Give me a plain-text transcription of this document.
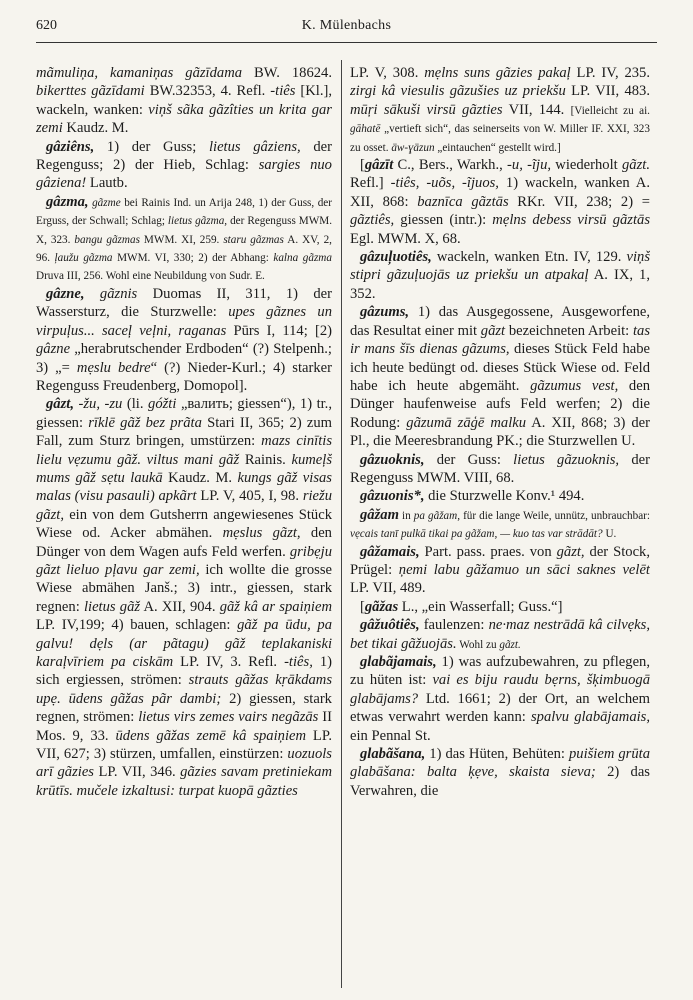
620	K. Mülenbachs

mãmuliņa, kamaniņas gãzīdama BW. 18624. bikerttes gãzīdami BW.32353, 4. Refl. -tiês [Kl.], wackeln, wanken: viņš sãka gãzîties un krita gar zemi Kaudz. M.

gâziêns, 1) der Guss; lietus gâziens, der Regenguss; 2) der Hieb, Schlag: sargies nuo gâziena! Lautb.

gâzma, gãzme bei Rainis Ind. un Arija 248, 1) der Guss, der Erguss, der Schwall; Schlag; lietus gãzma, der Regenguss MWM. X, 323. bangu gãzmas MWM. XI, 259. staru gãzmas A. XV, 2, 96. ļaužu gãzma MWM. VI, 330; 2) der Abhang: kalna gãzma Druva III, 256. Wohl eine Neubildung von Sudr. E.

gâzne, gãznis Duomas II, 311, 1) der Wassersturz, die Sturzwelle: upes gãznes un virpuļus... saceļ veļni, raganas Pūrs I, 114; [2) gâzne „herabrutschender Erdboden“ (?) Stelpenh.; 3) „= mẹslu bedre“ (?) Nieder-Kurl.; 4) starker Regenguss Freudenberg, Domopol].

gâzt, -žu, -zu (li. góžti „валить; giessen“), 1) tr., giessen: rīklē gãž bez prãta Stari II, 365; 2) zum Fall, zum Sturz bringen, umstürzen: mazs cinītis lielu vẹzumu gãž. viltus mani gãž Rainis. kumeļš mums gãž sẹtu laukā Kaudz. M. kungs gãž visas malas (visu pasauli) apkãrt LP. V, 405, I, 98. riežu gãzt, ein von dem Gutsherrn angewiesenes Stück Wiese od. Acker abmähen. mẹslus gãzt, den Dünger von dem Wagen aufs Feld werfen. gribẹju gãzt lieluo pļavu gar zemi, ich wollte die grosse Wiese abmähen Janš.; 3) intr., giessen, stark regnen: lietus gãž A. XII, 904. gãž kâ ar spaiņiem LP. IV,199; 4) bauen, schlagen: gãž pa ūdu, pa galvu! dẹls (ar pãtagu) gãž teplakaniski karaļvīriem pa ciskām LP. IV, 3. Refl. -tiês, 1) sich ergiessen, strömen: strauts gãžas kṛākdams upẹ. ūdens gãžas pãr dambi; 2) giessen, stark regnen, strömen: lietus virs zemes vairs negãzās II Mos. 9, 33. ūdens gãžas zemē kâ spaiņiem LP. VII, 627; 3) stürzen, umfallen, einstürzen: uozuols arī gãzies LP. VII, 346. gãzies savam pretiniekam krūtīs. mučele izkaltusi: turpat kuopā gãzties

LP. V, 308. mẹlns suns gãzies pakaļ LP. IV, 235. zirgi kâ viesulis gãzušies uz priekšu LP. VII, 483. mūŗi sākuši virsū gãzties VII, 144. [Vielleicht zu ai. gāhatē „vertieft sich“, das seinerseits von W. Miller IF. XXI, 323 zu osset. äw-ɣäzun „eintauchen“ gestellt wird.]

[gâzīt C., Bers., Warkh., -u, -ĩju, wiederholt gãzt. Refl.] -tiês, -uõs, -ĩjuos, 1) wackeln, wanken A. XII, 868: baznīca gãztās RKr. VII, 238; 2) = gãztiês, giessen (intr.): mẹlns debess virsū gãztās Egl. MWM. X, 68.

gâzuļuotiês, wackeln, wanken Etn. IV, 129. viņš stipri gãzuļuojās uz priekšu un atpakaļ A. IX, 1, 352.

gâzums, 1) das Ausgegossene, Ausgeworfene, das Resultat einer mit gãzt bezeichneten Arbeit: tas ir mans šīs dienas gãzums, dieses Stück Feld habe ich heute bedüngt od. dieses Stück Wiese od. Feld habe ich heute abgemäht. gãzumus vest, den Dünger haufenweise aufs Feld werfen; 2) die Rodung: gãzumā zāģē malku A. XII, 868; 3) der Pl., die Meeresbrandung PK.; die Sturzwellen U.

gâzuoknis, der Guss: lietus gãzuoknis, der Regenguss MWM. VIII, 68.

gâzuonis*, die Sturzwelle Konv.¹ 494.

gâžam in pa gãžam, für die lange Weile, unnütz, unbrauchbar: vẹcais tanī pulkā tikai pa gãžam, — kuo tas var strādāt? U.

gâžamais, Part. pass. praes. von gãzt, der Stock, Prügel: ņemi labu gãžamuo un sāci saknes velēt LP. VII, 489.

[gãžas L., „ein Wasserfall; Guss.“]

gâžuôtiês, faulenzen: ne·maz nestrādā kâ cilvẹks, bet tikai gãžuojās. Wohl zu gãzt.

glabãjamais, 1) was aufzubewahren, zu pflegen, zu hüten ist: vai es biju raudu bẹrns, šķimbuogā glabājams? Ltd. 1661; 2) der Ort, an welchem etwas verwahrt werden kann: spalvu glabājamais, ein Pennal St.

glabãšana, 1) das Hüten, Behüten: puišiem grūta glabāšana: balta ķẹve, skaista sieva; 2) das Verwahren, die
